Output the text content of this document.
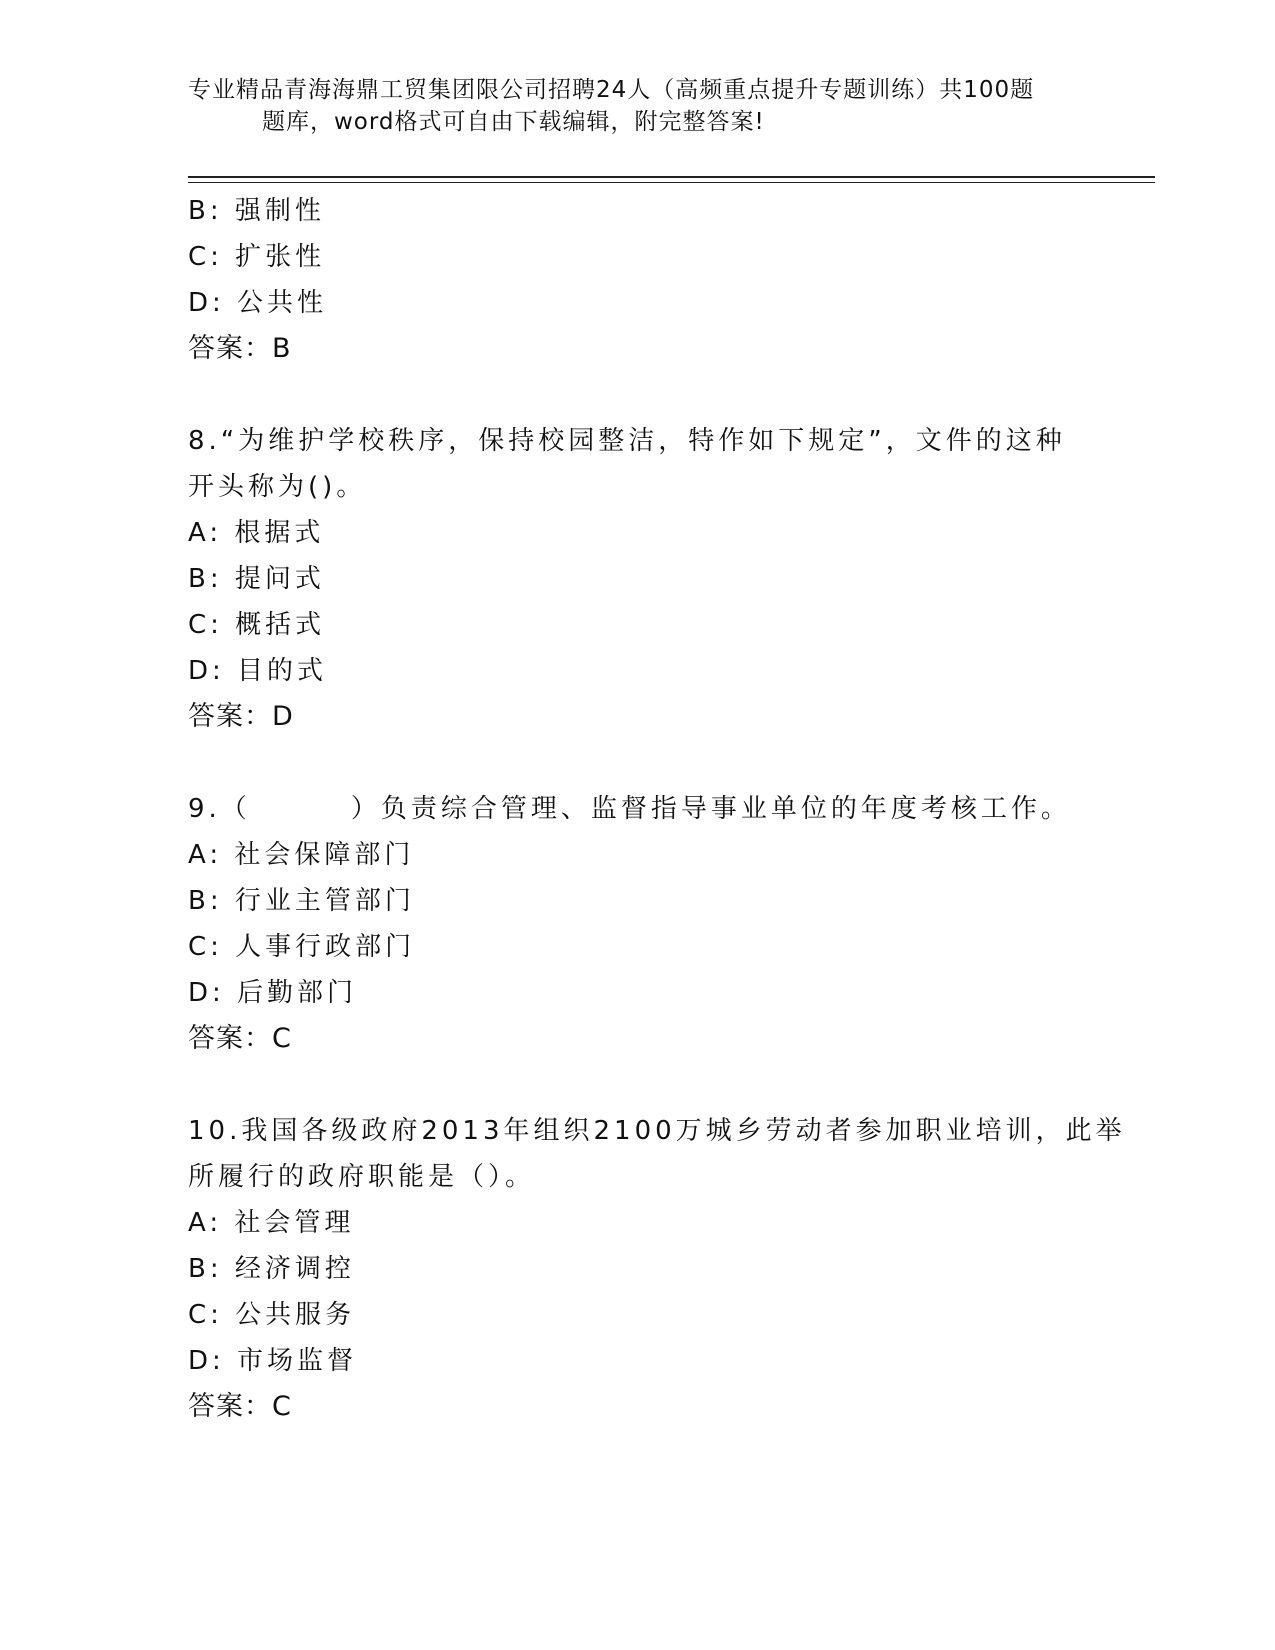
专业精品青海海鼎工贸集团限公司招聘24人（高频重点提升专题训练）共100题
题库，word格式可自由下载编辑，附完整答案!
B: 强制性
C: 扩张性
D: 公共性
答案：B
8.“为维护学校秩序，保持校园整洁，特作如下规定”，文件的这种
开头称为()。
A: 根据式
B: 提问式
C: 概括式
D: 目的式
答案：D
9.（	）负责综合管理、监督指导事业单位的年度考核工作。
A: 社会保障部门
B: 行业主管部门
C: 人事行政部门
D: 后勤部门
答案：C
10.我国各级政府2013年组织2100万城乡劳动者参加职业培训，此举
所履行的政府职能是（）。
A: 社会管理
B: 经济调控
C: 公共服务
D: 市场监督
答案：C
